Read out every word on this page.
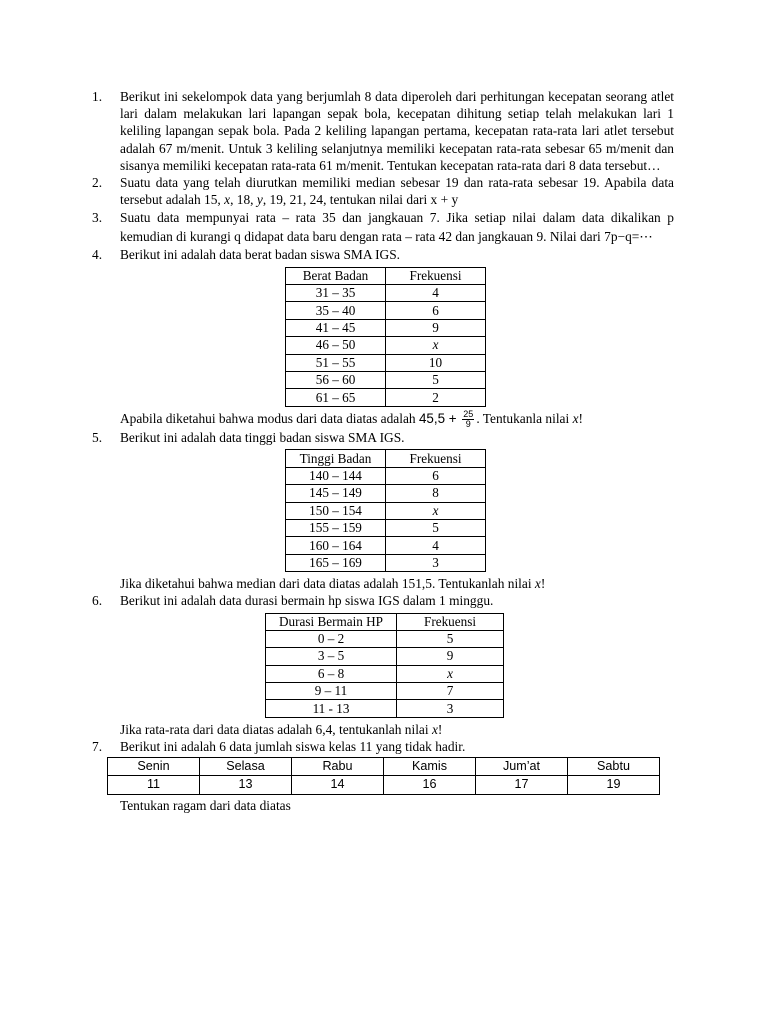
1. Berikut ini sekelompok data yang berjumlah 8 data diperoleh dari perhitungan kecepatan seorang atlet lari dalam melakukan lari lapangan sepak bola, kecepatan dihitung setiap telah melakukan lari 1 keliling lapangan sepak bola. Pada 2 keliling lapangan pertama, kecepatan rata-rata lari atlet tersebut adalah 67 m/menit. Untuk 3 keliling selanjutnya memiliki kecepatan rata-rata sebesar 65 m/menit dan sisanya memiliki kecepatan rata-rata 61 m/menit. Tentukan kecepatan rata-rata dari 8 data tersebut…
2. Suatu data yang telah diurutkan memiliki median sebesar 19 dan rata-rata sebesar 19. Apabila data tersebut adalah 15, x, 18, y, 19, 21, 24, tentukan nilai dari x + y
3. Suatu data mempunyai rata – rata 35 dan jangkauan 7. Jika setiap nilai dalam data dikalikan p kemudian di kurangi q didapat data baru dengan rata – rata 42 dan jangkauan 9. Nilai dari 7p−q=⋯
4. Berikut ini adalah data berat badan siswa SMA IGS.
Berat Badan	Frekuensi
31 – 35	4
35 – 40	6
41 – 45	9
46 – 50	x
51 – 55	10
56 – 60	5
61 – 65	2
Apabila diketahui bahwa modus dari data diatas adalah $45,5 + \frac{25}{9}$ . Tentukanla nilai x!
5. Berikut ini adalah data tinggi badan siswa SMA IGS.
Tinggi Badan	Frekuensi
140 – 144	6
145 – 149	8
150 – 154	x
155 – 159	5
160 – 164	4
165 – 169	3
Jika diketahui bahwa median dari data diatas adalah 151,5. Tentukanlah nilai x!
6. Berikut ini adalah data durasi bermain hp siswa IGS dalam 1 minggu.
Durasi Bermain HP	Frekuensi
0 – 2	5
3 – 5	9
6 – 8	x
9 – 11	7
11 - 13	3
Jika rata-rata dari data diatas adalah 6,4, tentukanlah nilai x!
7. Berikut ini adalah 6 data jumlah siswa kelas 11 yang tidak hadir.
Senin	Selasa	Rabu	Kamis	Jum’at	Sabtu
11	13	14	16	17	19
Tentukan ragam dari data diatas
